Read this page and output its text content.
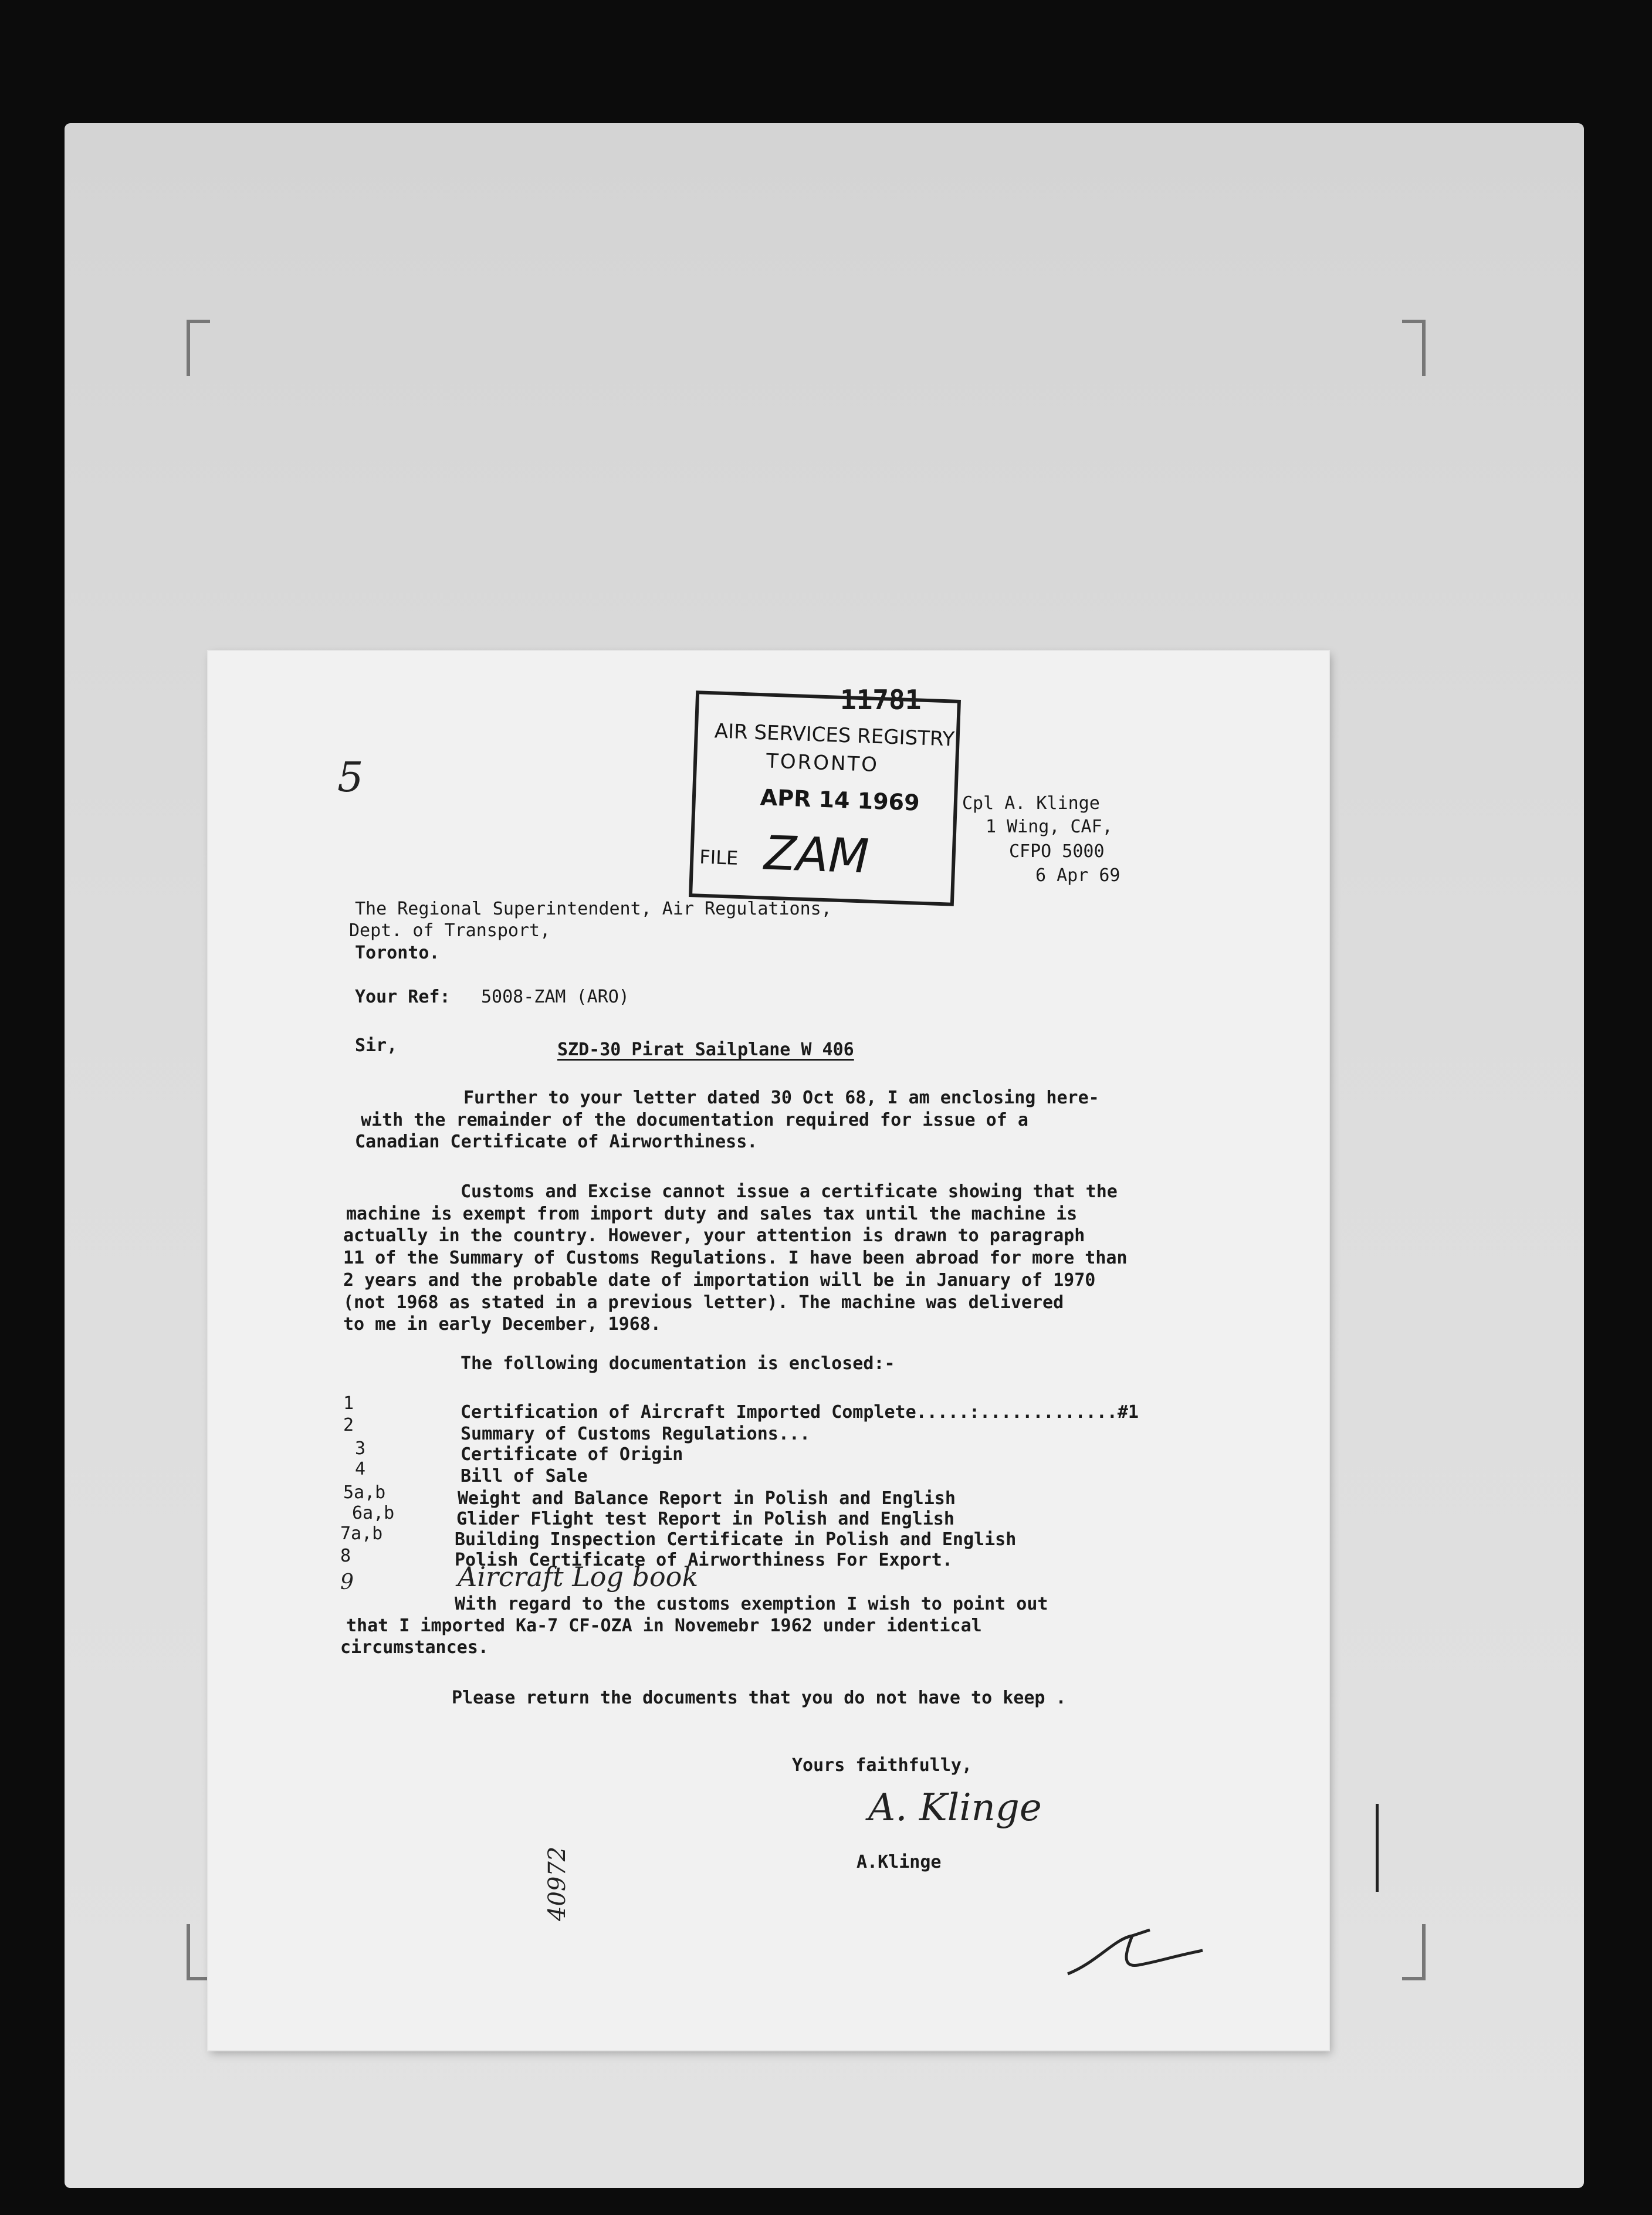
11781
AIR SERVICES REGISTRY
TORONTO
APR 14 1969
FILE ZAM
5
Cpl A. Klinge
1 Wing, CAF,
CFPO 5000
6 Apr 69
The Regional Superintendent, Air Regulations,
Dept. of Transport,
Toronto.
Your Ref: 5008-ZAM (ARO)
Sir,	SZD-30 Pirat Sailplane W 406
Further to your letter dated 30 Oct 68, I am enclosing here-
with the remainder of the documentation required for issue of a
Canadian Certificate of Airworthiness.
Customs and Excise cannot issue a certificate showing that the
machine is exempt from import duty and sales tax until the machine is
actually in the country. However, your attention is drawn to paragraph
11 of the Summary of Customs Regulations. I have been abroad for more than
2 years and the probable date of importation will be in January of 1970
(not 1968 as stated in a previous letter). The machine was delivered
to me in early December, 1968.
The following documentation is enclosed:-
1	Certification of Aircraft Imported Complete.....:.............#1
2	Summary of Customs Regulations...
3	Certificate of Origin
4	Bill of Sale
5a,b	Weight and Balance Report in Polish and English
6a,b	Glider Flight test Report in Polish and English
7a,b	Building Inspection Certificate in Polish and English
8	Polish Certificate of Airworthiness For Export.
9	Aircraft Log book
With regard to the customs exemption I wish to point out
that I imported Ka-7 CF-OZA in Novemebr 1962 under identical
circumstances.
Please return the documents that you do not have to keep .
Yours faithfully,
A. Klinge
A.Klinge
40972
